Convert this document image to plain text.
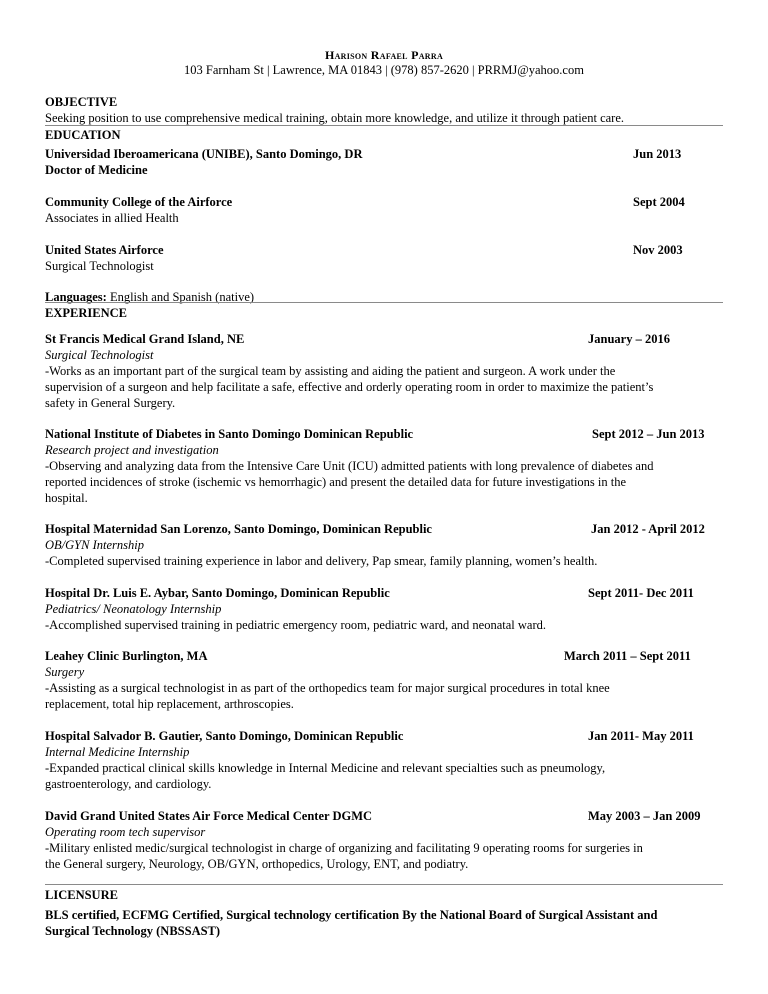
Harison Rafael Parra
103 Farnham St | Lawrence, MA 01843 | (978) 857-2620 | PRRMJ@yahoo.com
OBJECTIVE
Seeking position to use comprehensive medical training, obtain more knowledge, and utilize it through patient care.
EDUCATION
Universidad Iberoamericana (UNIBE), Santo Domingo, DR	Jun 2013
Doctor of Medicine
Community College of the Airforce	Sept 2004
Associates in allied Health
United States Airforce	Nov 2003
Surgical Technologist
Languages: English and Spanish (native)
EXPERIENCE
St Francis Medical Grand Island, NE	January – 2016
Surgical Technologist
-Works as an important part of the surgical team by assisting and aiding the patient and surgeon. A work under the
supervision of a surgeon and help facilitate a safe, effective and orderly operating room in order to maximize the patient’s
safety in General Surgery.
National Institute of Diabetes in Santo Domingo Dominican Republic	Sept 2012 – Jun 2013
Research project and investigation
-Observing and analyzing data from the Intensive Care Unit (ICU) admitted patients with long prevalence of diabetes and
reported incidences of stroke (ischemic vs hemorrhagic) and present the detailed data for future investigations in the
hospital.
Hospital Maternidad San Lorenzo, Santo Domingo, Dominican Republic	Jan 2012 - April 2012
OB/GYN Internship
-Completed supervised training experience in labor and delivery, Pap smear, family planning, women’s health.
Hospital Dr. Luis E. Aybar, Santo Domingo, Dominican Republic	Sept 2011- Dec 2011
Pediatrics/ Neonatology Internship
-Accomplished supervised training in pediatric emergency room, pediatric ward, and neonatal ward.
Leahey Clinic Burlington, MA	March 2011 – Sept 2011
Surgery
-Assisting as a surgical technologist in as part of the orthopedics team for major surgical procedures in total knee
replacement, total hip replacement, arthroscopies.
Hospital Salvador B. Gautier, Santo Domingo, Dominican Republic	Jan 2011- May 2011
Internal Medicine Internship
-Expanded practical clinical skills knowledge in Internal Medicine and relevant specialties such as pneumology,
gastroenterology, and cardiology.
David Grand United States Air Force Medical Center DGMC	May 2003 – Jan 2009
Operating room tech supervisor
-Military enlisted medic/surgical technologist in charge of organizing and facilitating 9 operating rooms for surgeries in
the General surgery, Neurology, OB/GYN, orthopedics, Urology, ENT, and podiatry.
LICENSURE
BLS certified, ECFMG Certified, Surgical technology certification By the National Board of Surgical Assistant and
Surgical Technology (NBSSAST)
